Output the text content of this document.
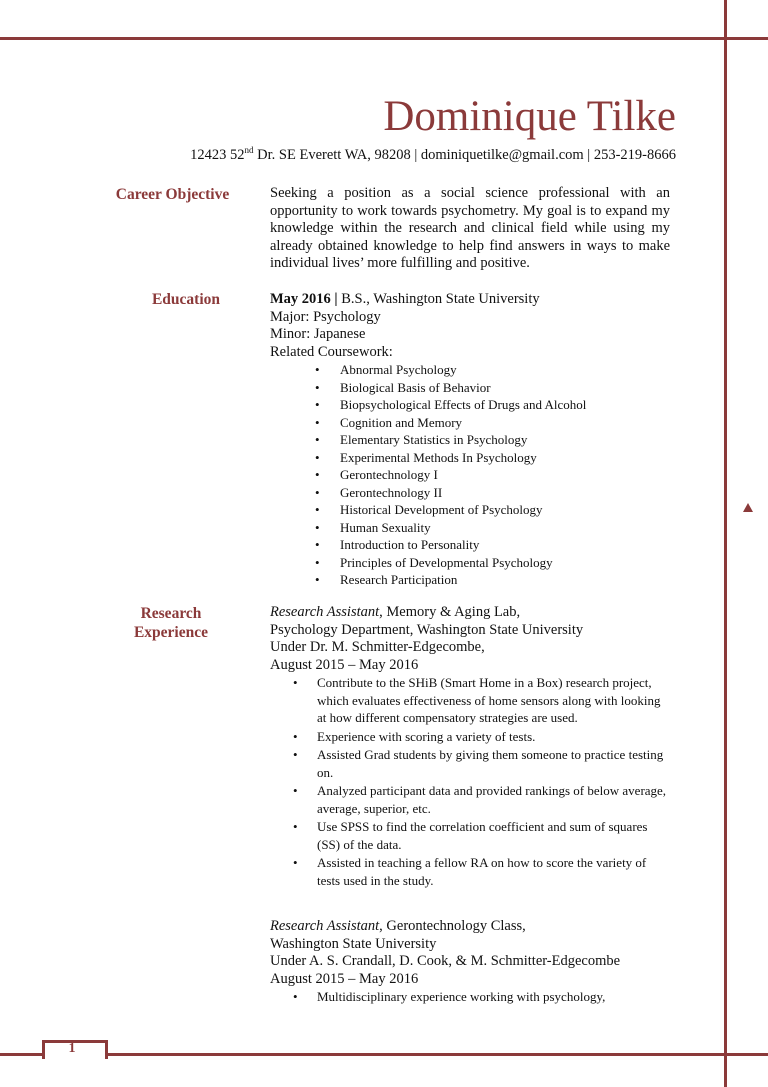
1
Dominique Tilke
12423 52nd Dr. SE Everett WA, 98208 | dominiquetilke@gmail.com | 253-219-8666
Career Objective	Seeking a position as a social science professional with an opportunity to work towards psychometry. My goal is to expand my knowledge within the research and clinical field while using my already obtained knowledge to help find answers in ways to make individual lives’ more fulfilling and positive.
Education	May 2016 | B.S., Washington State University
Major: Psychology
Minor: Japanese
Related Coursework:
• Abnormal Psychology
• Biological Basis of Behavior
• Biopsychological Effects of Drugs and Alcohol
• Cognition and Memory
• Elementary Statistics in Psychology
• Experimental Methods In Psychology
• Gerontechnology I
• Gerontechnology II
• Historical Development of Psychology
• Human Sexuality
• Introduction to Personality
• Principles of Developmental Psychology
• Research Participation
Research
Experience
Research Assistant, Memory & Aging Lab,
Psychology Department, Washington State University
Under Dr. M. Schmitter-Edgecombe,
August 2015 – May 2016
• Contribute to the SHiB (Smart Home in a Box) research project, which evaluates effectiveness of home sensors along with looking at how different compensatory strategies are used.
• Experience with scoring a variety of tests.
• Assisted Grad students by giving them someone to practice testing on.
• Analyzed participant data and provided rankings of below average, average, superior, etc.
• Use SPSS to find the correlation coefficient and sum of squares (SS) of the data.
• Assisted in teaching a fellow RA on how to score the variety of tests used in the study.
Research Assistant, Gerontechnology Class,
Washington State University
Under A. S. Crandall, D. Cook, & M. Schmitter-Edgecombe
August 2015 – May 2016
• Multidisciplinary experience working with psychology,
